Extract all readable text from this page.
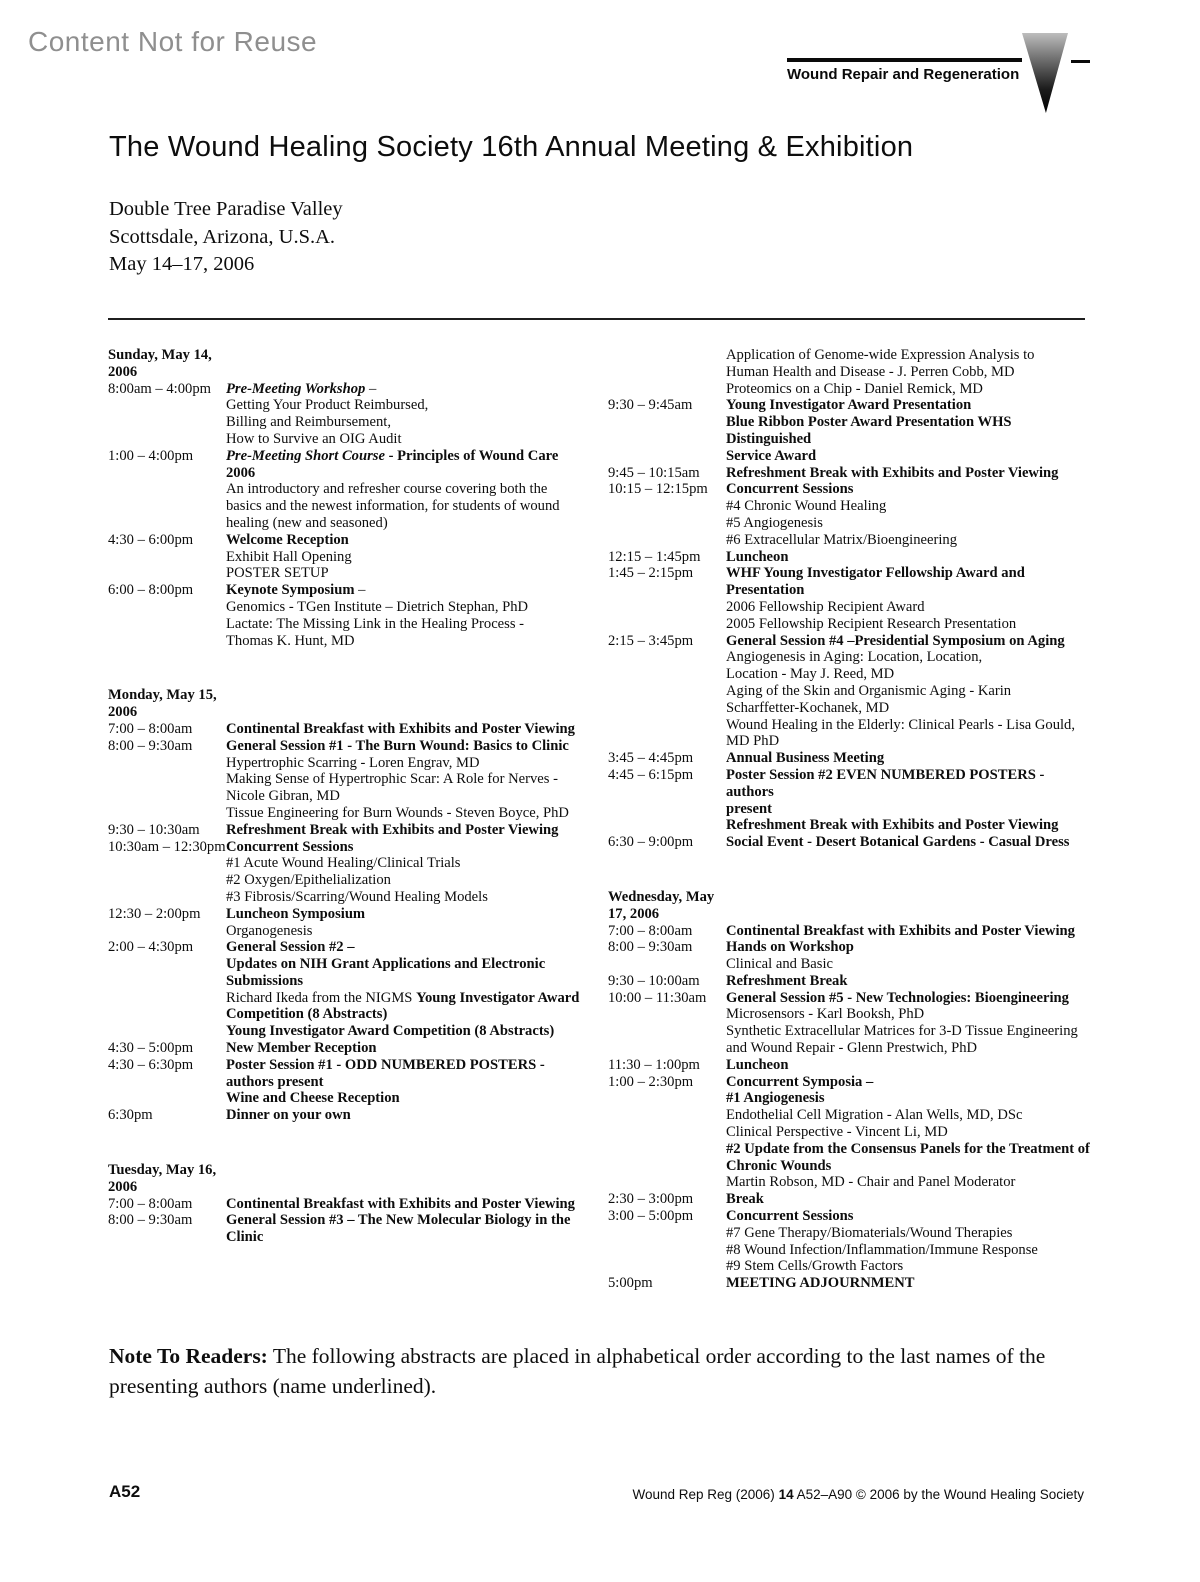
Content Not for Reuse
Wound Repair and Regeneration
The Wound Healing Society 16th Annual Meeting & Exhibition
Double Tree Paradise Valley
Scottsdale, Arizona, U.S.A.
May 14–17, 2006
Sunday, May 14,
2006
8:00am – 4:00pm	Pre-Meeting Workshop –
Getting Your Product Reimbursed,
Billing and Reimbursement,
How to Survive an OIG Audit
1:00 – 4:00pm	Pre-Meeting Short Course - Principles of Wound Care 2006
An introductory and refresher course covering both the
basics and the newest information, for students of wound
healing (new and seasoned)
4:30 – 6:00pm	Welcome Reception
Exhibit Hall Opening
POSTER SETUP
6:00 – 8:00pm	Keynote Symposium –
Genomics - TGen Institute – Dietrich Stephan, PhD
Lactate: The Missing Link in the Healing Process -
Thomas K. Hunt, MD
Monday, May 15,
2006
7:00 – 8:00am	Continental Breakfast with Exhibits and Poster Viewing
8:00 – 9:30am	General Session #1 - The Burn Wound: Basics to Clinic
Hypertrophic Scarring - Loren Engrav, MD
Making Sense of Hypertrophic Scar: A Role for Nerves -
Nicole Gibran, MD
Tissue Engineering for Burn Wounds - Steven Boyce, PhD
9:30 – 10:30am	Refreshment Break with Exhibits and Poster Viewing
10:30am – 12:30pm Concurrent Sessions
#1 Acute Wound Healing/Clinical Trials
#2 Oxygen/Epithelialization
#3 Fibrosis/Scarring/Wound Healing Models
12:30 – 2:00pm	Luncheon Symposium
Organogenesis
2:00 – 4:30pm	General Session #2 –
Updates on NIH Grant Applications and Electronic
Submissions
Richard Ikeda from the NIGMS Young Investigator Award
Competition (8 Abstracts)
Young Investigator Award Competition (8 Abstracts)
4:30 – 5:00pm	New Member Reception
4:30 – 6:30pm	Poster Session #1 - ODD NUMBERED POSTERS -
authors present
Wine and Cheese Reception
6:30pm	Dinner on your own
Tuesday, May 16,
2006
7:00 – 8:00am	Continental Breakfast with Exhibits and Poster Viewing
8:00 – 9:30am	General Session #3 – The New Molecular Biology in the
Clinic
Application of Genome-wide Expression Analysis to
Human Health and Disease - J. Perren Cobb, MD
Proteomics on a Chip - Daniel Remick, MD
9:30 – 9:45am	Young Investigator Award Presentation
Blue Ribbon Poster Award Presentation WHS Distinguished
Service Award
9:45 – 10:15am	Refreshment Break with Exhibits and Poster Viewing
10:15 – 12:15pm	Concurrent Sessions
#4 Chronic Wound Healing
#5 Angiogenesis
#6 Extracellular Matrix/Bioengineering
12:15 – 1:45pm	Luncheon
1:45 – 2:15pm	WHF Young Investigator Fellowship Award and Presentation
2006 Fellowship Recipient Award
2005 Fellowship Recipient Research Presentation
2:15 – 3:45pm	General Session #4 –Presidential Symposium on Aging
Angiogenesis in Aging: Location, Location,
Location - May J. Reed, MD
Aging of the Skin and Organismic Aging - Karin
Scharffetter-Kochanek, MD
Wound Healing in the Elderly: Clinical Pearls - Lisa Gould,
MD PhD
3:45 – 4:45pm	Annual Business Meeting
4:45 – 6:15pm	Poster Session #2 EVEN NUMBERED POSTERS - authors
present
Refreshment Break with Exhibits and Poster Viewing
6:30 – 9:00pm	Social Event - Desert Botanical Gardens - Casual Dress
Wednesday, May
17, 2006
7:00 – 8:00am	Continental Breakfast with Exhibits and Poster Viewing
8:00 – 9:30am	Hands on Workshop
Clinical and Basic
9:30 – 10:00am	Refreshment Break
10:00 – 11:30am	General Session #5 - New Technologies: Bioengineering
Microsensors - Karl Booksh, PhD
Synthetic Extracellular Matrices for 3-D Tissue Engineering
and Wound Repair - Glenn Prestwich, PhD
11:30 – 1:00pm	Luncheon
1:00 – 2:30pm	Concurrent Symposia –
#1 Angiogenesis
Endothelial Cell Migration - Alan Wells, MD, DSc
Clinical Perspective - Vincent Li, MD
#2 Update from the Consensus Panels for the Treatment of
Chronic Wounds
Martin Robson, MD - Chair and Panel Moderator
2:30 – 3:00pm	Break
3:00 – 5:00pm	Concurrent Sessions
#7 Gene Therapy/Biomaterials/Wound Therapies
#8 Wound Infection/Inflammation/Immune Response
#9 Stem Cells/Growth Factors
5:00pm	MEETING ADJOURNMENT

Note To Readers: The following abstracts are placed in alphabetical order according to the last names of the presenting authors (name underlined).

A52	Wound Rep Reg (2006) 14 A52–A90 © 2006 by the Wound Healing Society
